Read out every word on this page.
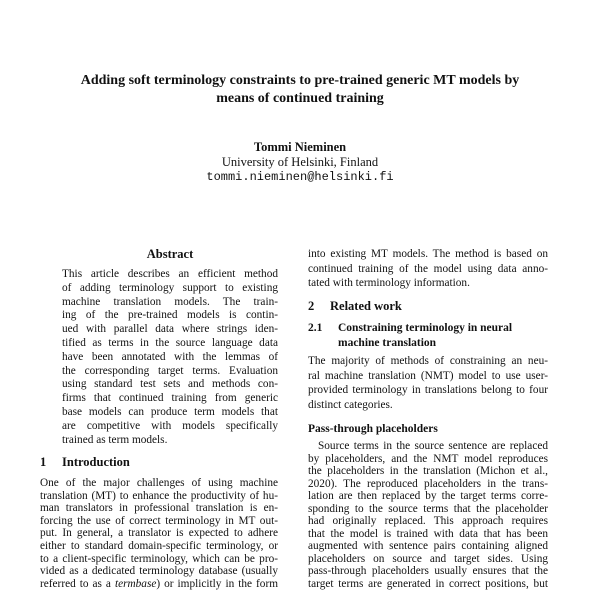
Adding soft terminology constraints to pre-trained generic MT models by
means of continued training
Tommi Nieminen
University of Helsinki, Finland
tommi.nieminen@helsinki.fi
Abstract
This article describes an efficient method
of adding terminology support to existing
machine translation models. The train-
ing of the pre-trained models is contin-
ued with parallel data where strings iden-
tified as terms in the source language data
have been annotated with the lemmas of
the corresponding target terms. Evaluation
using standard test sets and methods con-
firms that continued training from generic
base models can produce term models that
are competitive with models specifically
trained as term models.
1 Introduction
One of the major challenges of using machine
translation (MT) to enhance the productivity of hu-
man translators in professional translation is en-
forcing the use of correct terminology in MT out-
put. In general, a translator is expected to adhere
either to standard domain-specific terminology, or
to a client-specific terminology, which can be pro-
vided as a dedicated terminology database (usually
referred to as a termbase) or implicitly in the form
into existing MT models. The method is based on
continued training of the model using data anno-
tated with terminology information.
2 Related work
2.1 Constraining terminology in neural
machine translation
The majority of methods of constraining an neu-
ral machine translation (NMT) model to use user-
provided terminology in translations belong to four
distinct categories.
Pass-through placeholders
Source terms in the source sentence are replaced
by placeholders, and the NMT model reproduces
the placeholders in the translation (Michon et al.,
2020). The reproduced placeholders in the trans-
lation are then replaced by the target terms corre-
sponding to the source terms that the placeholder
had originally replaced. This approach requires
that the model is trained with data that has been
augmented with sentence pairs containing aligned
placeholders on source and target sides. Using
pass-through placeholders usually ensures that the
target terms are generated in correct positions, but
